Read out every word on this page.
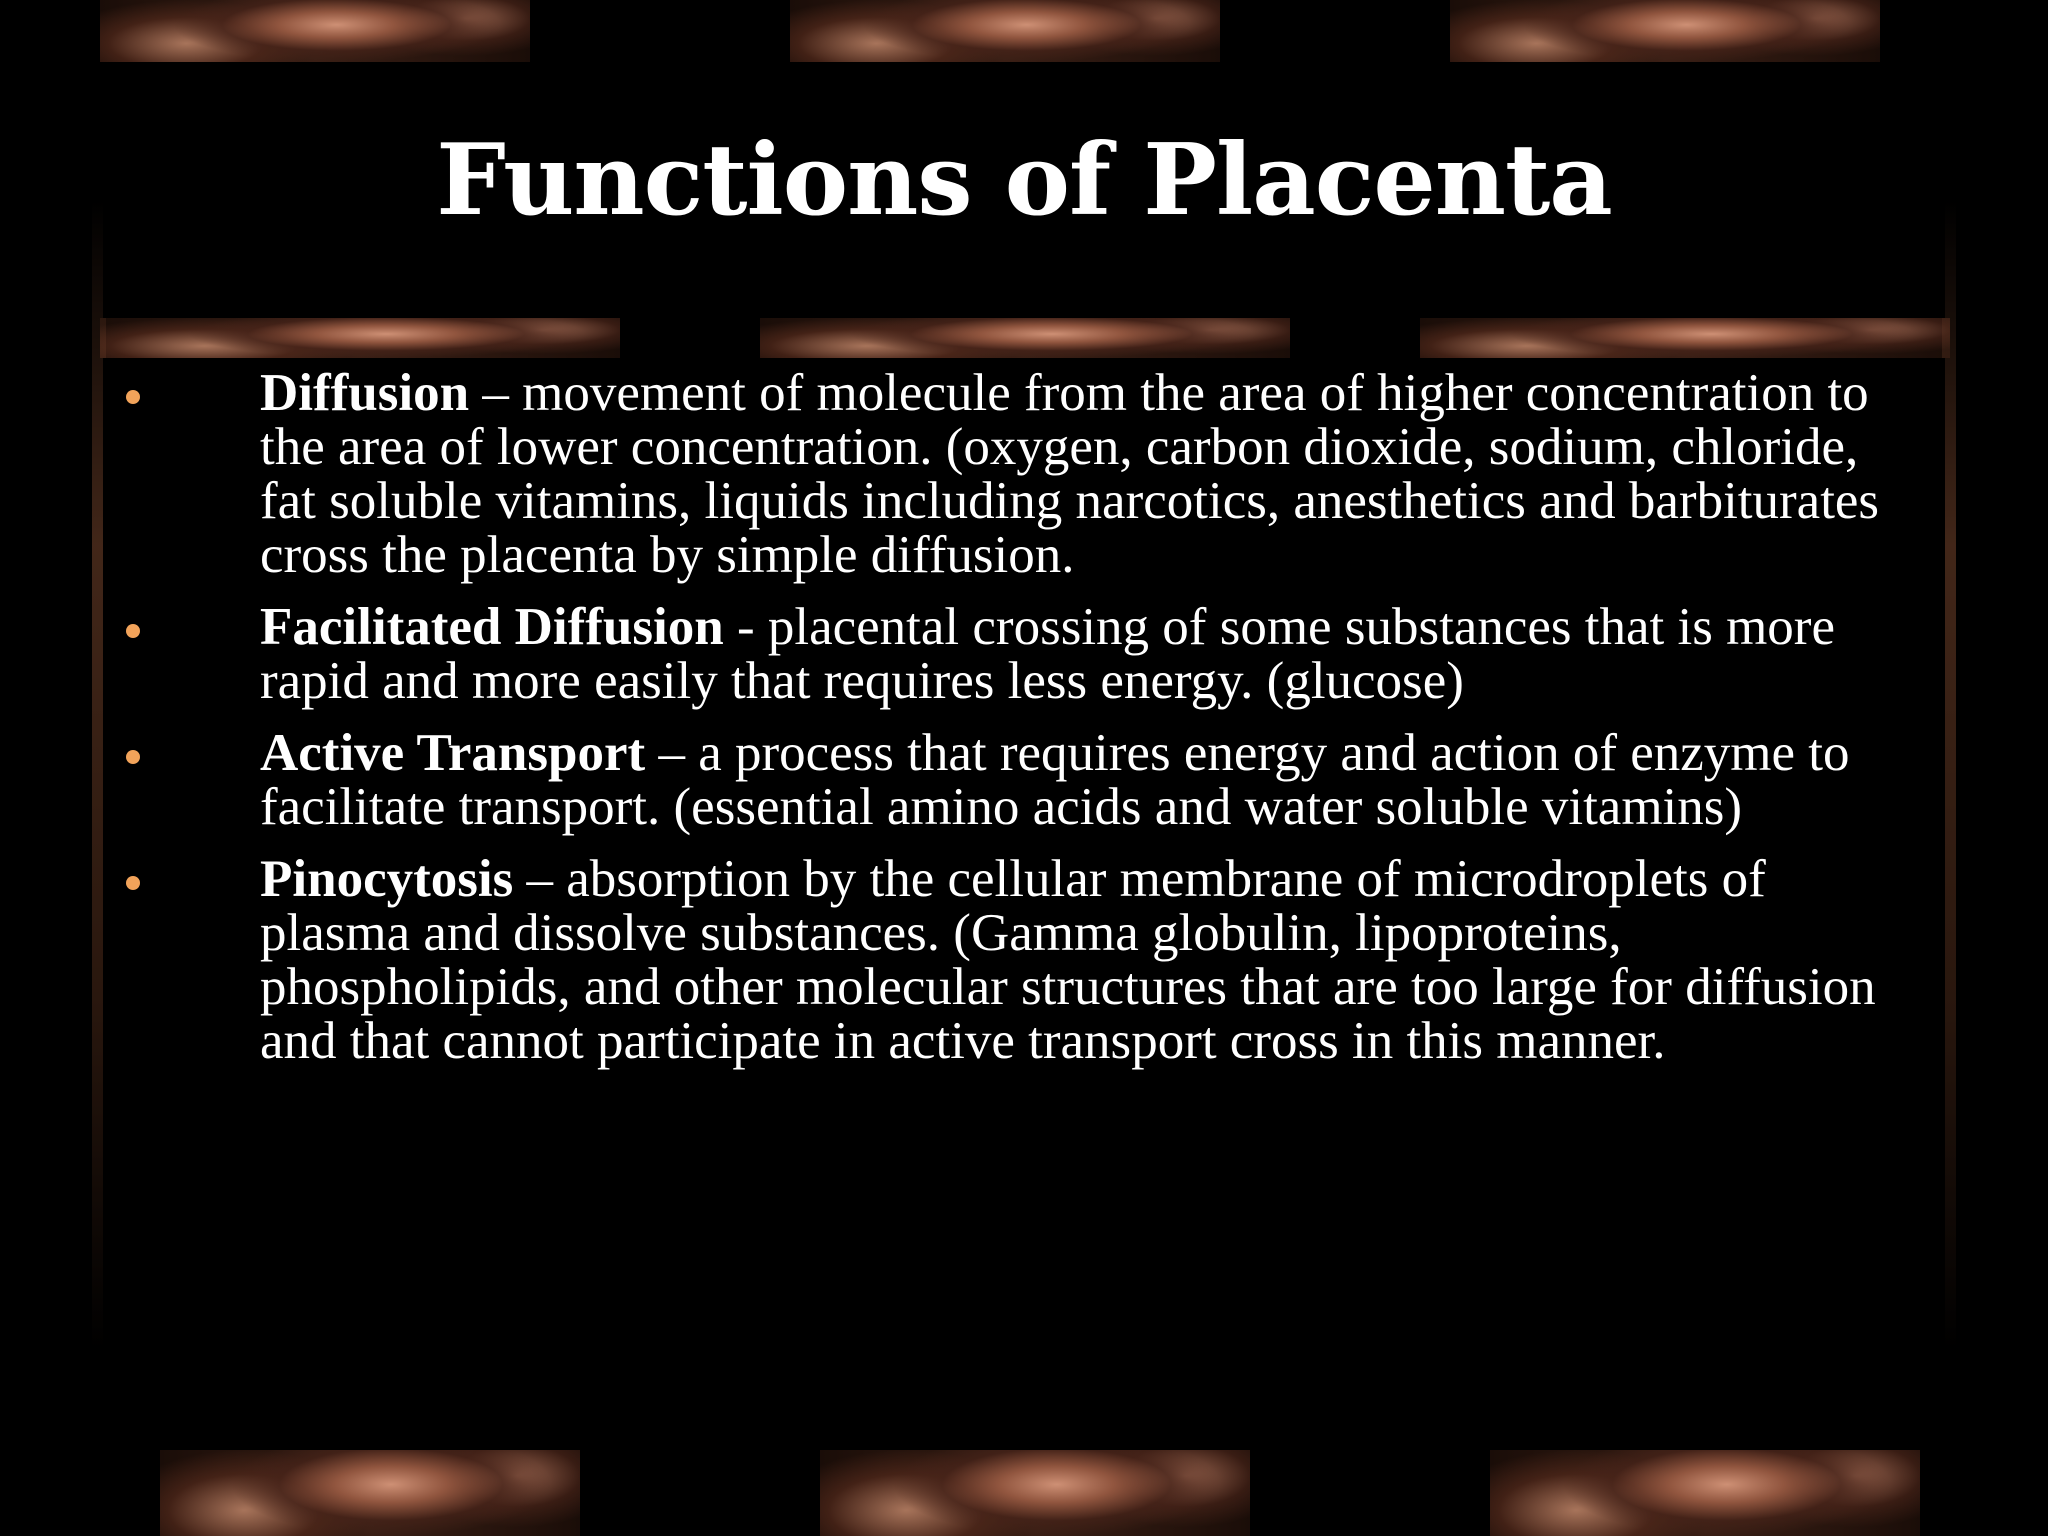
Functions of Placenta
Diffusion – movement of molecule from the area of higher concentration to the area of lower concentration. (oxygen, carbon dioxide, sodium, chloride, fat soluble vitamins, liquids including narcotics, anesthetics and barbiturates cross the placenta by simple diffusion.
Facilitated Diffusion - placental crossing of some substances that is more rapid and more easily that requires less energy. (glucose)
Active Transport – a process that requires energy and action of enzyme to facilitate transport. (essential amino acids and water soluble vitamins)
Pinocytosis – absorption by the cellular membrane of microdroplets of plasma and dissolve substances. (Gamma globulin, lipoproteins, phospholipids, and other molecular structures that are too large for diffusion and that cannot participate in active transport cross in this manner.
